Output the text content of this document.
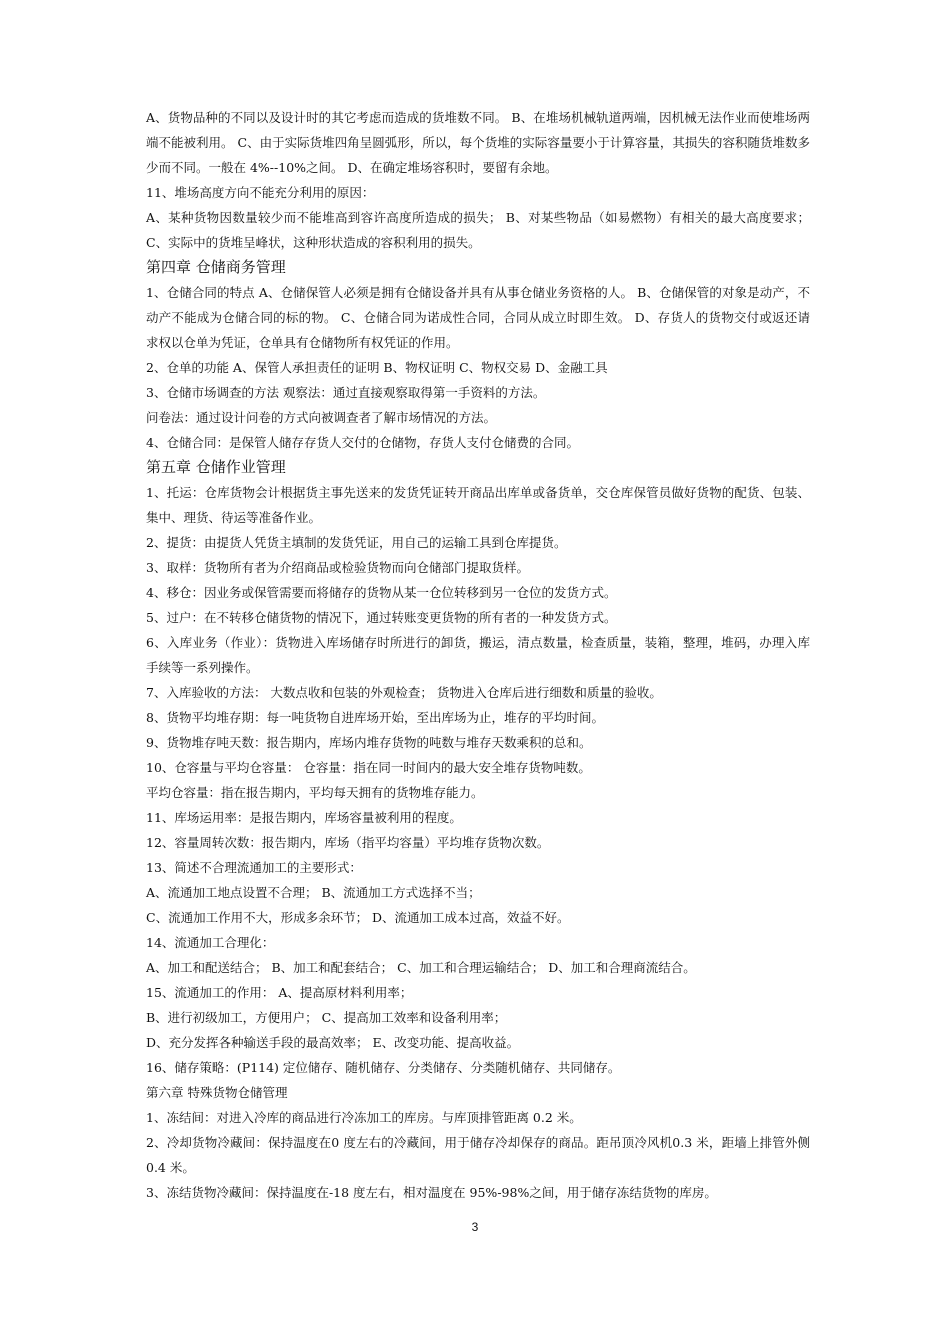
A、货物品种的不同以及设计时的其它考虑而造成的货堆数不同。 B、在堆场机械轨道两端，因机械无法作业而使堆场两端不能被利用。 C、由于实际货堆四角呈圆弧形，所以，每个货堆的实际容量要小于计算容量，其损失的容积随货堆数多少而不同。一般在 4%--10%之间。 D、在确定堆场容积时，要留有余地。
11、堆场高度方向不能充分利用的原因：
A、某种货物因数量较少而不能堆高到容许高度所造成的损失； B、对某些物品（如易燃物）有相关的最大高度要求； C、实际中的货堆呈峰状，这种形状造成的容积利用的损失。
第四章 仓储商务管理
1、仓储合同的特点 A、仓储保管人必须是拥有仓储设备并具有从事仓储业务资格的人。 B、仓储保管的对象是动产，不动产不能成为仓储合同的标的物。 C、仓储合同为诺成性合同，合同从成立时即生效。 D、存货人的货物交付或返还请求权以仓单为凭证，仓单具有仓储物所有权凭证的作用。
2、仓单的功能 A、保管人承担责任的证明 B、物权证明 C、物权交易 D、金融工具
3、仓储市场调查的方法 观察法：通过直接观察取得第一手资料的方法。
问卷法：通过设计问卷的方式向被调查者了解市场情况的方法。
4、仓储合同：是保管人储存存货人交付的仓储物，存货人支付仓储费的合同。
第五章 仓储作业管理
1、托运：仓库货物会计根据货主事先送来的发货凭证转开商品出库单或备货单，交仓库保管员做好货物的配货、包装、集中、理货、待运等准备作业。
2、提货：由提货人凭货主填制的发货凭证，用自己的运输工具到仓库提货。
3、取样：货物所有者为介绍商品或检验货物而向仓储部门提取货样。
4、移仓：因业务或保管需要而将储存的货物从某一仓位转移到另一仓位的发货方式。
5、过户：在不转移仓储货物的情况下，通过转账变更货物的所有者的一种发货方式。
6、入库业务（作业）：货物进入库场储存时所进行的卸货，搬运，清点数量，检查质量，装箱，整理，堆码，办理入库手续等一系列操作。
7、入库验收的方法： 大数点收和包装的外观检查； 货物进入仓库后进行细数和质量的验收。
8、货物平均堆存期：每一吨货物自进库场开始，至出库场为止，堆存的平均时间。
9、货物堆存吨天数：报告期内，库场内堆存货物的吨数与堆存天数乘积的总和。
10、仓容量与平均仓容量： 仓容量：指在同一时间内的最大安全堆存货物吨数。
平均仓容量：指在报告期内，平均每天拥有的货物堆存能力。
11、库场运用率：是报告期内，库场容量被利用的程度。
12、容量周转次数：报告期内，库场（指平均容量）平均堆存货物次数。
13、简述不合理流通加工的主要形式：
A、流通加工地点设置不合理； B、流通加工方式选择不当；
C、流通加工作用不大，形成多余环节； D、流通加工成本过高，效益不好。
14、流通加工合理化：
A、加工和配送结合； B、加工和配套结合； C、加工和合理运输结合； D、加工和合理商流结合。
15、流通加工的作用： A、提高原材料利用率；
B、进行初级加工，方便用户； C、提高加工效率和设备利用率；
D、充分发挥各种输送手段的最高效率； E、改变功能、提高收益。
16、储存策略：(P114) 定位储存、随机储存、分类储存、分类随机储存、共同储存。
第六章 特殊货物仓储管理
1、冻结间：对进入冷库的商品进行冷冻加工的库房。与库顶排管距离 0.2 米。
2、冷却货物冷藏间：保持温度在0 度左右的冷藏间，用于储存冷却保存的商品。距吊顶冷风机0.3 米，距墙上排管外侧 0.4 米。
3、冻结货物冷藏间：保持温度在-18 度左右，相对温度在 95%-98%之间，用于储存冻结货物的库房。
3
